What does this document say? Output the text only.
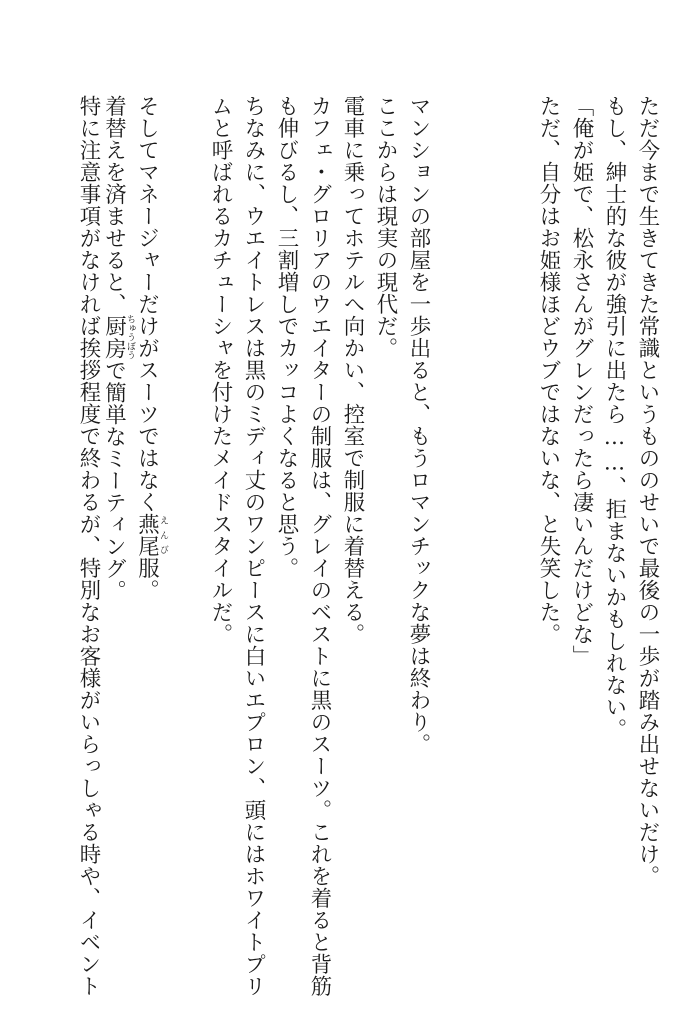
ただ今まで生きてきた常識というもののせいで最後の一歩が踏み出せないだけ。

もし、紳士的な彼が強引に出たら……、拒まないかもしれない。

「俺が姫で、松永さんがグレンだったら凄いんだけどな」

ただ、自分はお姫様ほどウブではないな、と失笑した。

マンションの部屋を一歩出ると、もうロマンチックな夢は終わり。

ここからは現実の現代だ。

電車に乗ってホテルへ向かい、控室で制服に着替える。

カフェ・グロリアのウエイターの制服は、グレイのベストに黒のスーツ。これを着ると背筋

も伸びるし、三割増しでカッコよくなると思う。

ちなみに、ウエイトレスは黒のミディ丈のワンピースに白いエプロン、頭にはホワイトプリ

ムと呼ばれるカチューシャを付けたメイドスタイルだ。

そしてマネージャーだけがスーツではなく燕尾えんび服。

着替えを済ませると、厨房ちゅうぼうで簡単なミーティング。

特に注意事項がなければ挨拶程度で終わるが、特別なお客様がいらっしゃる時や、イベント
